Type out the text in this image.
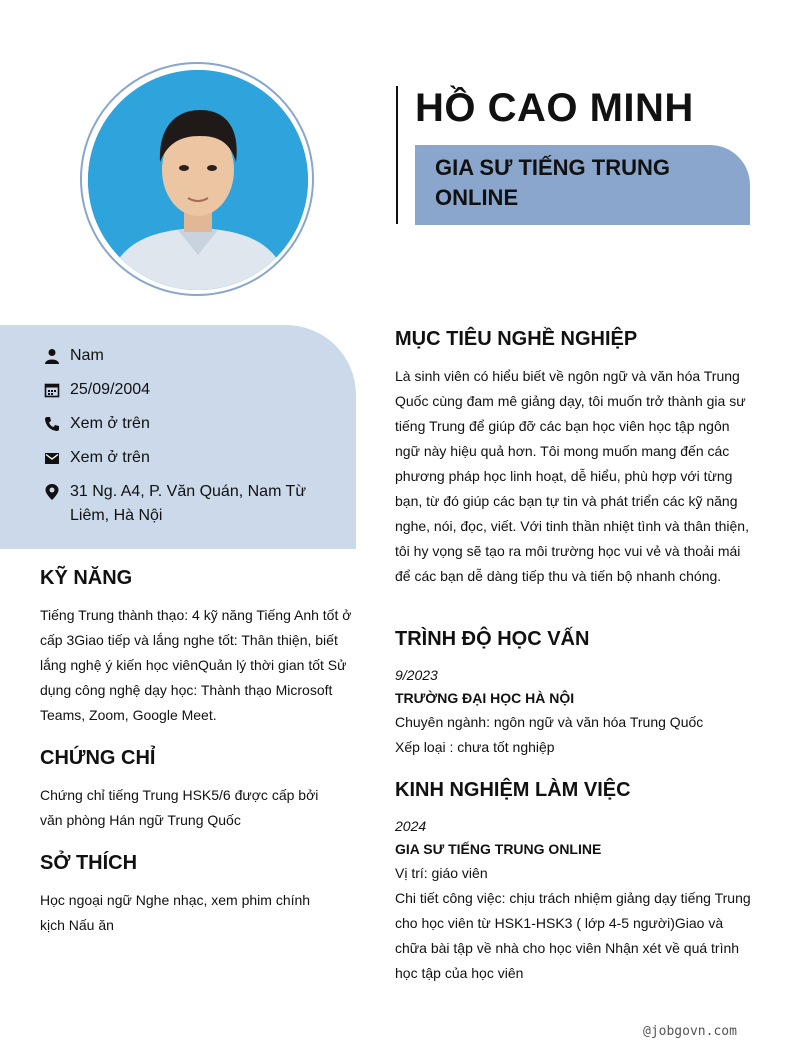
HỒ CAO MINH
GIA SƯ TIẾNG TRUNG ONLINE
Nam
25/09/2004
Xem ở trên
Xem ở trên
31 Ng. A4, P. Văn Quán, Nam Từ Liêm, Hà Nội
KỸ NĂNG

Tiếng Trung thành thạo: 4 kỹ năng Tiếng Anh tốt ở cấp 3Giao tiếp và lắng nghe tốt: Thân thiện, biết lắng nghệ ý kiến học viênQuản lý thời gian tốt Sử dụng công nghệ dạy học: Thành thạo Microsoft Teams, Zoom, Google Meet.

CHỨNG CHỈ

Chứng chỉ tiếng Trung HSK5/6 được cấp bởi văn phòng Hán ngữ Trung Quốc

SỞ THÍCH

Học ngoại ngữ Nghe nhạc, xem phim chính kịch Nấu ăn

MỤC TIÊU NGHỀ NGHIỆP

Là sinh viên có hiểu biết về ngôn ngữ và văn hóa Trung Quốc cùng đam mê giảng dạy, tôi muốn trở thành gia sư tiếng Trung để giúp đỡ các bạn học viên học tập ngôn ngữ này hiệu quả hơn. Tôi mong muốn mang đến các phương pháp học linh hoạt, dễ hiểu, phù hợp với từng bạn, từ đó giúp các bạn tự tin và phát triển các kỹ năng nghe, nói, đọc, viết. Với tinh thần nhiệt tình và thân thiện, tôi hy vọng sẽ tạo ra môi trường học vui vẻ và thoải mái để các bạn dễ dàng tiếp thu và tiến bộ nhanh chóng.

TRÌNH ĐỘ HỌC VẤN
9/2023
TRƯỜNG ĐẠI HỌC HÀ NỘI
Chuyên ngành: ngôn ngữ và văn hóa Trung Quốc
Xếp loại : chưa tốt nghiệp
KINH NGHIỆM LÀM VIỆC
2024
GIA SƯ TIẾNG TRUNG ONLINE
Vị trí: giáo viên

Chi tiết công việc: chịu trách nhiệm giảng dạy tiếng Trung cho học viên từ HSK1-HSK3 ( lớp 4-5 người)Giao và chữa bài tập về nhà cho học viên Nhận xét về quá trình học tập của học viên

@jobgovn.com
